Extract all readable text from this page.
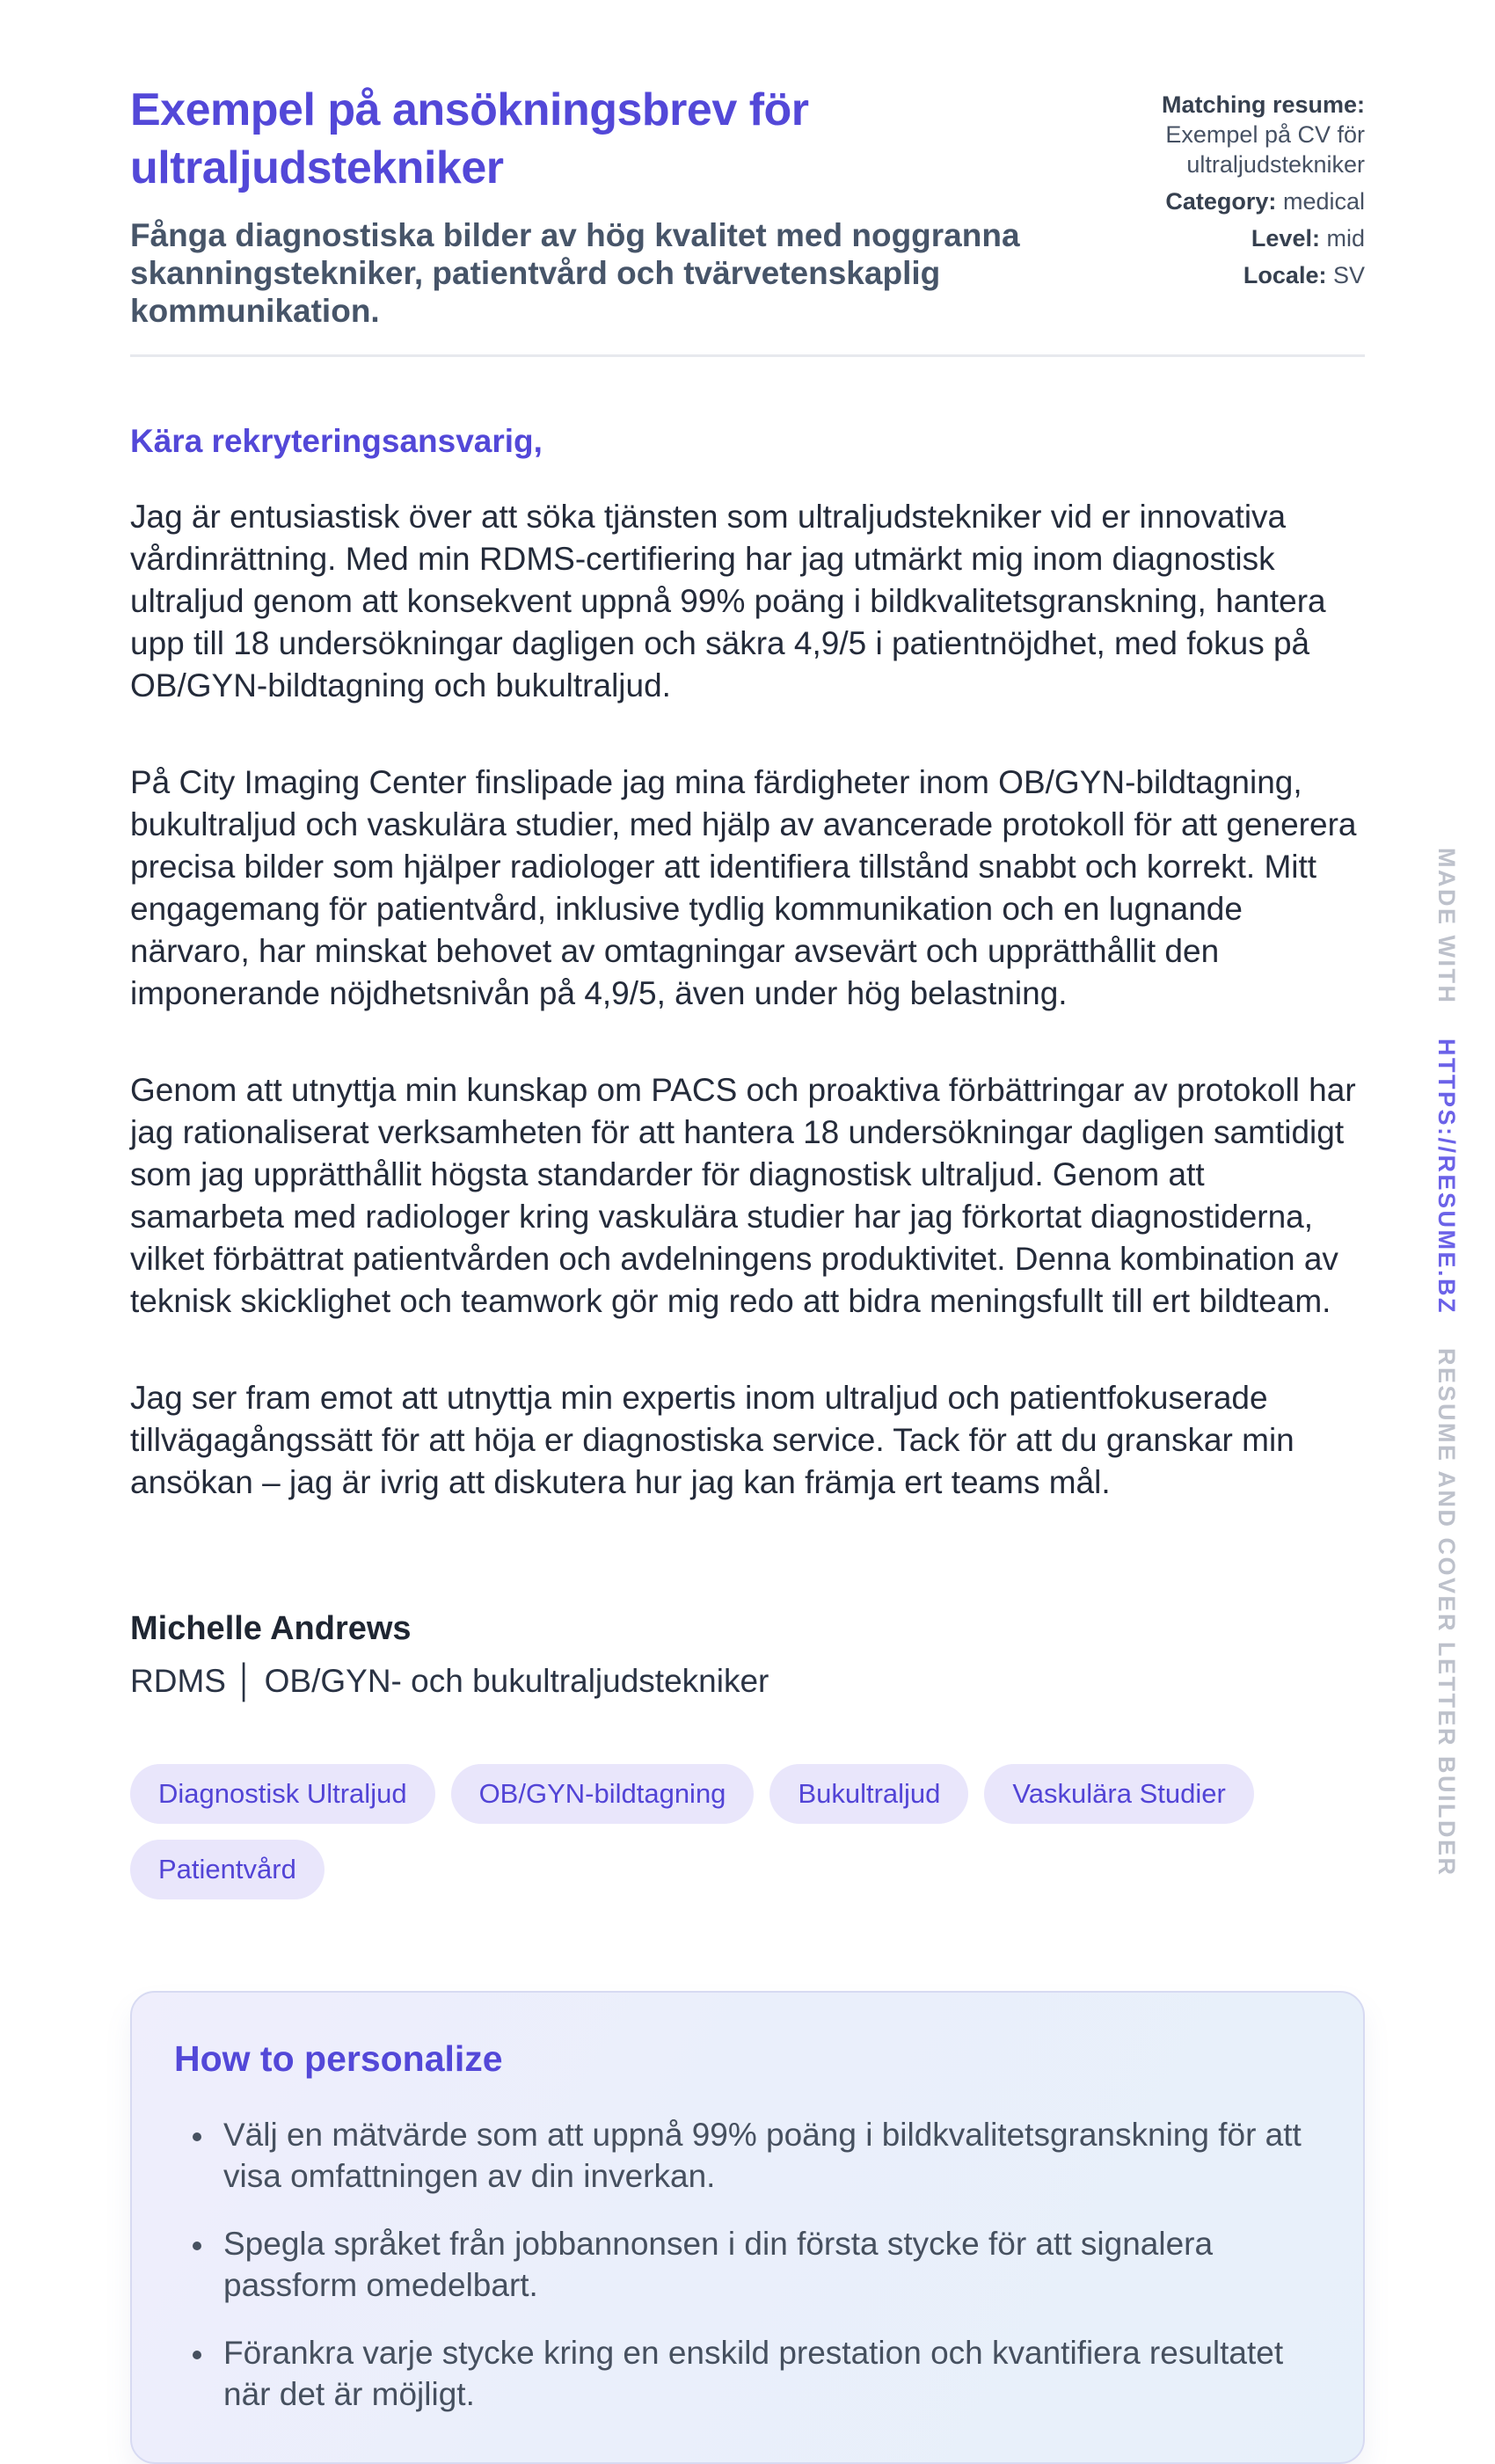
Exempel på ansökningsbrev för ultraljudstekniker
Fånga diagnostiska bilder av hög kvalitet med noggranna skanningstekniker, patientvård och tvärvetenskaplig kommunikation.
Matching resume:
Exempel på CV för ultraljudstekniker
Category: medical
Level: mid
Locale: SV
Kära rekryteringsansvarig,

Jag är entusiastisk över att söka tjänsten som ultraljudstekniker vid er innovativa vårdinrättning. Med min RDMS-certifiering har jag utmärkt mig inom diagnostisk ultraljud genom att konsekvent uppnå 99% poäng i bildkvalitetsgranskning, hantera upp till 18 undersökningar dagligen och säkra 4,9/5 i patientnöjdhet, med fokus på OB/GYN-bildtagning och bukultraljud.

På City Imaging Center finslipade jag mina färdigheter inom OB/GYN-bildtagning, bukultraljud och vaskulära studier, med hjälp av avancerade protokoll för att generera precisa bilder som hjälper radiologer att identifiera tillstånd snabbt och korrekt. Mitt engagemang för patientvård, inklusive tydlig kommunikation och en lugnande närvaro, har minskat behovet av omtagningar avsevärt och upprätthållit den imponerande nöjdhetsnivån på 4,9/5, även under hög belastning.

Genom att utnyttja min kunskap om PACS och proaktiva förbättringar av protokoll har jag rationaliserat verksamheten för att hantera 18 undersökningar dagligen samtidigt som jag upprätthållit högsta standarder för diagnostisk ultraljud. Genom att samarbeta med radiologer kring vaskulära studier har jag förkortat diagnostiderna, vilket förbättrat patientvården och avdelningens produktivitet. Denna kombination av teknisk skicklighet och teamwork gör mig redo att bidra meningsfullt till ert bildteam.

Jag ser fram emot att utnyttja min expertis inom ultraljud och patientfokuserade tillvägagångssätt för att höja er diagnostiska service. Tack för att du granskar min ansökan – jag är ivrig att diskutera hur jag kan främja ert teams mål.

Michelle Andrews
RDMS │ OB/GYN- och bukultraljudstekniker
Diagnostisk Ultraljud	OB/GYN-bildtagning	Bukultraljud	Vaskulära Studier
Patientvård
How to personalize
• Välj en mätvärde som att uppnå 99% poäng i bildkvalitetsgranskning för att visa omfattningen av din inverkan.
• Spegla språket från jobbannonsen i din första stycke för att signalera passform omedelbart.
• Förankra varje stycke kring en enskild prestation och kvantifiera resultatet när det är möjligt.
MADE WITH HTTPS://RESUME.BZ RESUME AND COVER LETTER BUILDER
